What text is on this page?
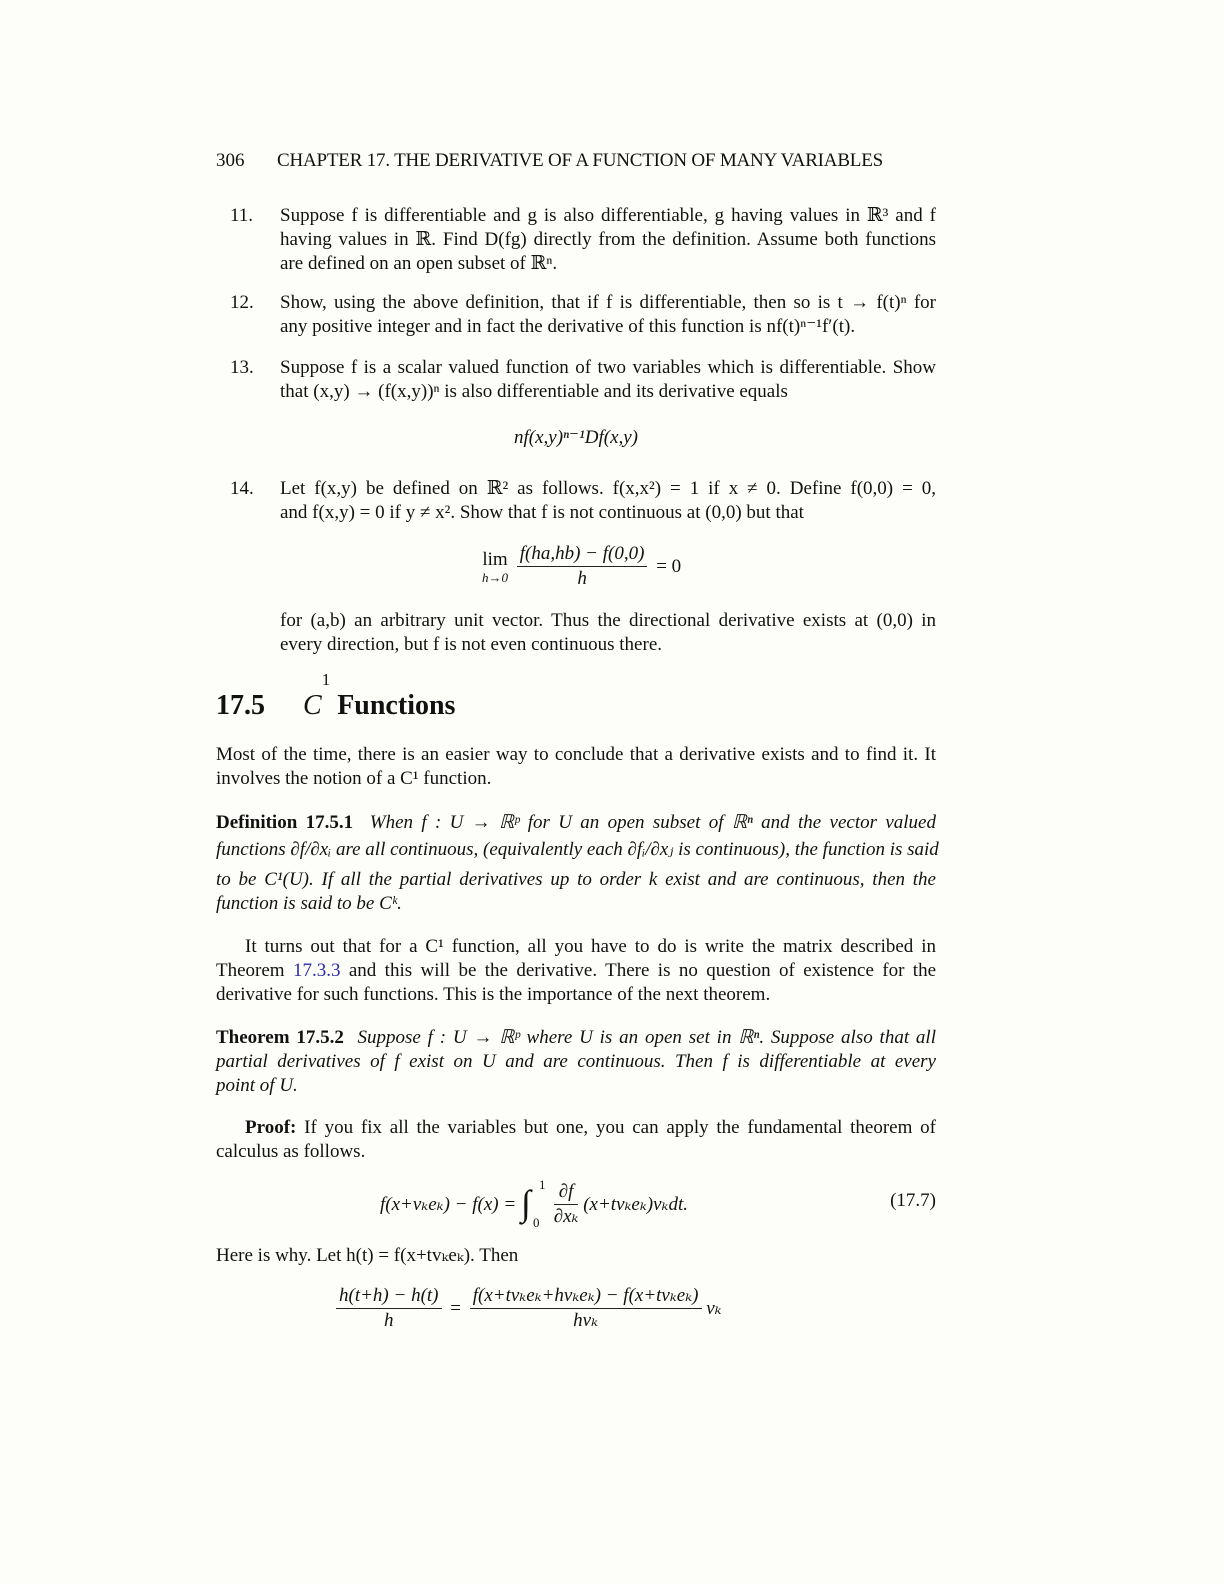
306 CHAPTER 17. THE DERIVATIVE OF A FUNCTION OF MANY VARIABLES
11. Suppose f is differentiable and g is also differentiable, g having values in ℝ³ and f
having values in ℝ. Find D(fg) directly from the definition. Assume both functions
are defined on an open subset of ℝⁿ.
12. Show, using the above definition, that if f is differentiable, then so is t → f(t)ⁿ for
any positive integer and in fact the derivative of this function is nf(t)ⁿ⁻¹f′(t).
13. Suppose f is a scalar valued function of two variables which is differentiable. Show
that (x,y) → (f(x,y))ⁿ is also differentiable and its derivative equals
nf(x,y)ⁿ⁻¹Df(x,y)
14. Let f(x,y) be defined on ℝ² as follows. f(x,x²) = 1 if x ≠ 0. Define f(0,0) = 0,
and f(x,y) = 0 if y ≠ x². Show that f is not continuous at (0,0) but that
lim
h→0
$\frac{f(ha,hb) - f(0,0)}{h} = 0$
for (a,b) an arbitrary unit vector. Thus the directional derivative exists at (0,0) in
every direction, but f is not even continuous there.
17.5 $C^1$ Functions
Most of the time, there is an easier way to conclude that a derivative exists and to find it. It
involves the notion of a C¹ function.
Definition 17.5.1 When f : U → ℝᵖ for U an open subset of ℝⁿ and the vector valued
functions ∂f/∂xᵢ are all continuous, (equivalently each ∂fᵢ/∂xⱼ is continuous), the function is said
to be C¹(U). If all the partial derivatives up to order k exist and are continuous, then the
function is said to be Cᵏ.
It turns out that for a C¹ function, all you have to do is write the matrix described in
Theorem 17.3.3 and this will be the derivative. There is no question of existence for the
derivative for such functions. This is the importance of the next theorem.
Theorem 17.5.2 Suppose f : U → ℝᵖ where U is an open set in ℝⁿ. Suppose also that all
partial derivatives of f exist on U and are continuous. Then f is differentiable at every
point of U.
Proof: If you fix all the variables but one, you can apply the fundamental theorem of
calculus as follows.
f(x+vₖeₖ) − f(x) = ∫ 1
0
$\frac{\partial f}{\text{∂xₖ}} (x+tv_ke_k)v_kdt$.	(17.7)
Here is why. Let h(t) = f(x+tvₖeₖ). Then
$\frac{h(t+h) - h(t)}{h} = \frac{\text{f(x+tvₖeₖ+hvₖeₖ) − f(x+tvₖeₖ)}}{\text{hvₖ}}$ vₖ
